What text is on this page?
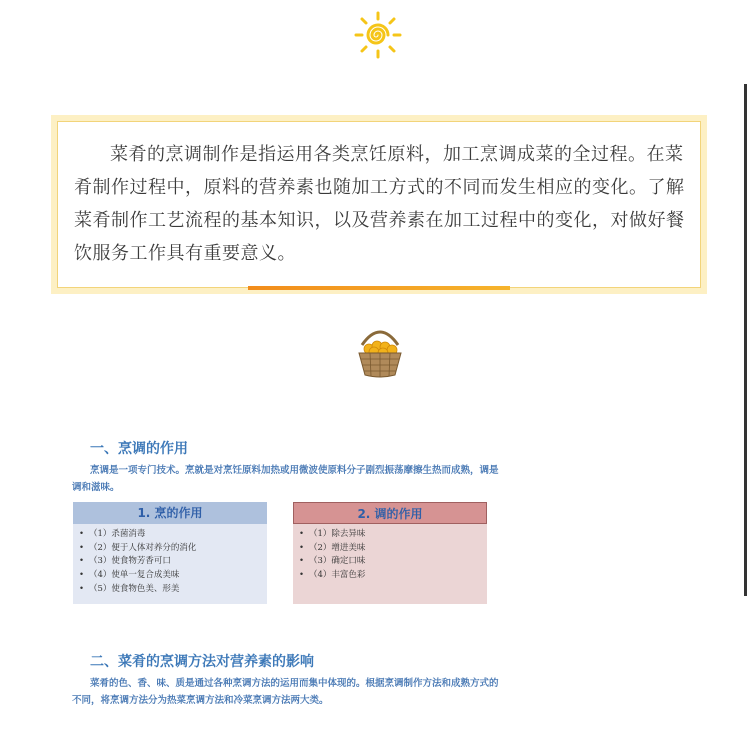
菜肴的烹调制作是指运用各类烹饪原料，加工烹调成菜的全过程。在菜肴制作过程中，原料的营养素也随加工方式的不同而发生相应的变化。了解菜肴制作工艺流程的基本知识，以及营养素在加工过程中的变化，对做好餐饮服务工作具有重要意义。

一、烹调的作用

烹调是一项专门技术。烹就是对烹饪原料加热或用微波使原料分子剧烈振荡摩擦生热而成熟，调是调和滋味。

1. 烹的作用
• （1）杀菌消毒
• （2）便于人体对养分的消化
• （3）使食物芳香可口
• （4）使单一复合成美味
• （5）使食物色美、形美
2. 调的作用
• （1）除去异味
• （2）增进美味
• （3）确定口味
• （4）丰富色彩
二、菜肴的烹调方法对营养素的影响

菜肴的色、香、味、质是通过各种烹调方法的运用而集中体现的。根据烹调制作方法和成熟方式的不同，将烹调方法分为热菜烹调方法和冷菜烹调方法两大类。
